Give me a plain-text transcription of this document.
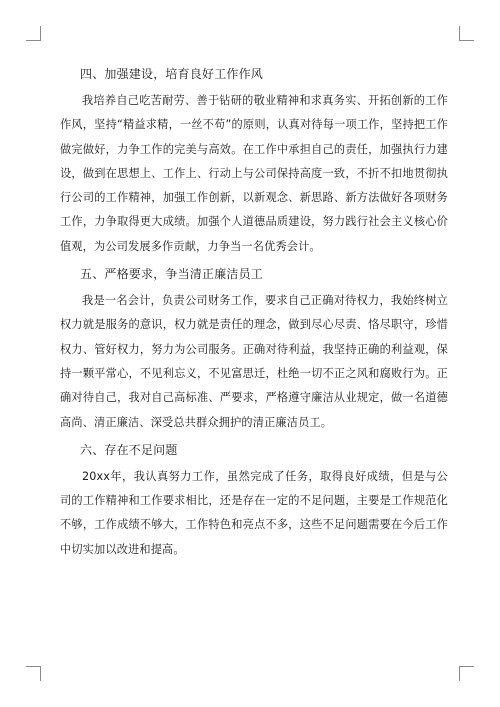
四、加强建设，培育良好工作作风

我培养自己吃苦耐劳、善于钻研的敬业精神和求真务实、开拓创新的工作作风，坚持“精益求精，一丝不苟”的原则，认真对待每一项工作，坚持把工作做完做好，力争工作的完美与高效。在工作中承担自己的责任，加强执行力建设，做到在思想上、工作上、行动上与公司保持高度一致，不折不扣地贯彻执行公司的工作精神，加强工作创新，以新观念、新思路、新方法做好各项财务工作，力争取得更大成绩。加强个人道德品质建设，努力践行社会主义核心价值观，为公司发展多作贡献，力争当一名优秀会计。

五、严格要求，争当清正廉洁员工

我是一名会计，负责公司财务工作，要求自己正确对待权力，我始终树立权力就是服务的意识，权力就是责任的理念，做到尽心尽责、恪尽职守，珍惜权力、管好权力，努力为公司服务。正确对待利益，我坚持正确的利益观，保持一颗平常心，不见利忘义，不见富思迁，杜绝一切不正之风和腐败行为。正确对待自己，我对自己高标准、严要求，严格遵守廉洁从业规定，做一名道德高尚、清正廉洁、深受总共群众拥护的清正廉洁员工。

六、存在不足问题

20xx年，我认真努力工作，虽然完成了任务，取得良好成绩，但是与公司的工作精神和工作要求相比，还是存在一定的不足问题，主要是工作规范化不够，工作成绩不够大，工作特色和亮点不多，这些不足问题需要在今后工作中切实加以改进和提高。
